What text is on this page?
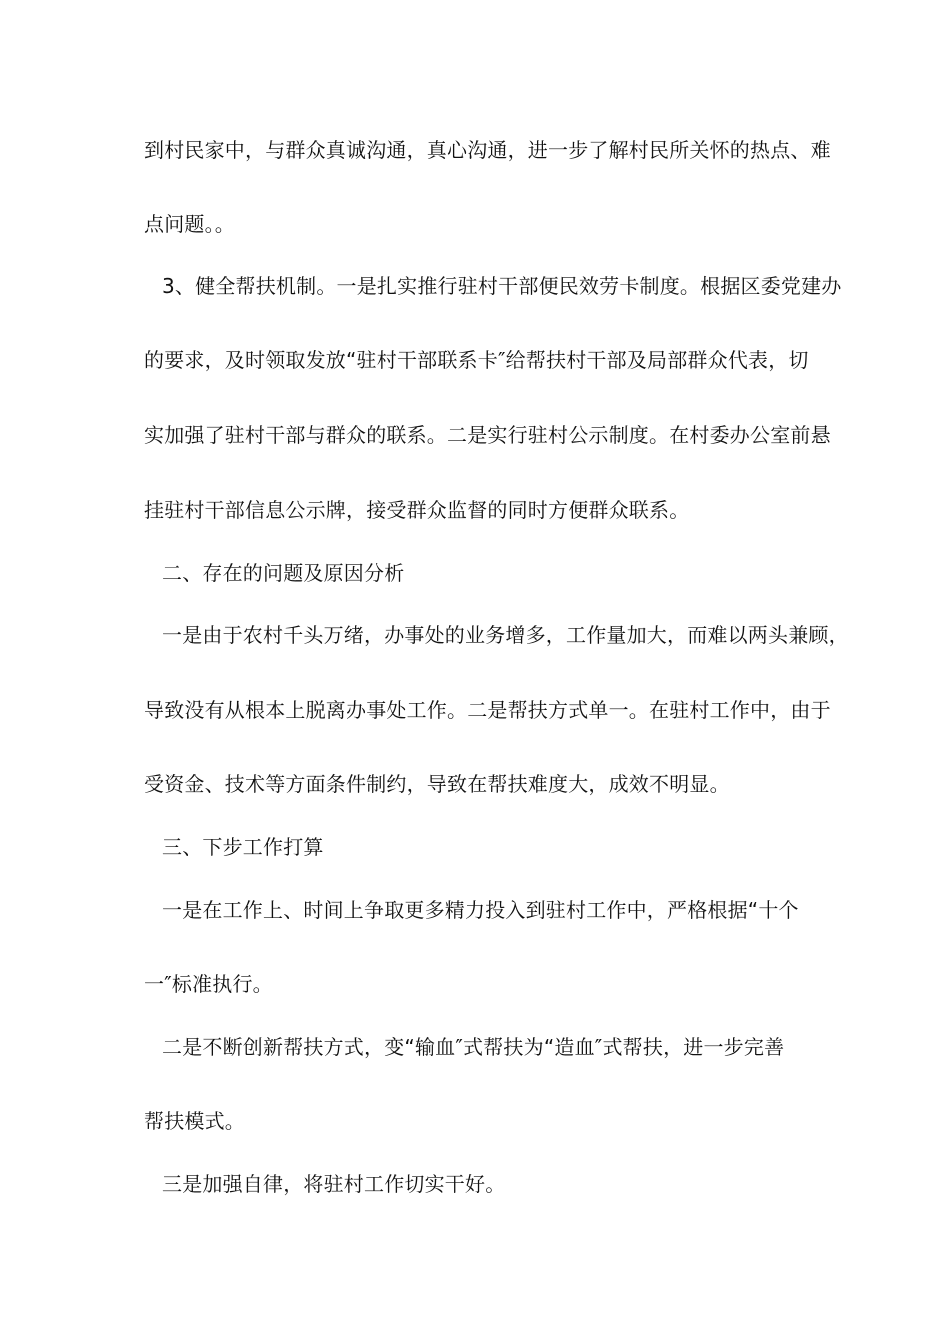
到村民家中，与群众真诚沟通，真心沟通，进一步了解村民所关怀的热点、难
点问题。。
3、健全帮扶机制。一是扎实推行驻村干部便民效劳卡制度。根据区委党建办
的要求，及时领取发放“驻村干部联系卡″给帮扶村干部及局部群众代表，切
实加强了驻村干部与群众的联系。二是实行驻村公示制度。在村委办公室前悬
挂驻村干部信息公示牌，接受群众监督的同时方便群众联系。
二、存在的问题及原因分析
一是由于农村千头万绪，办事处的业务增多，工作量加大，而难以两头兼顾，
导致没有从根本上脱离办事处工作。二是帮扶方式单一。在驻村工作中，由于
受资金、技术等方面条件制约，导致在帮扶难度大，成效不明显。
三、下步工作打算
一是在工作上、时间上争取更多精力投入到驻村工作中，严格根据“十个
一″标准执行。
二是不断创新帮扶方式，变“输血″式帮扶为“造血″式帮扶，进一步完善
帮扶模式。
三是加强自律，将驻村工作切实干好。
